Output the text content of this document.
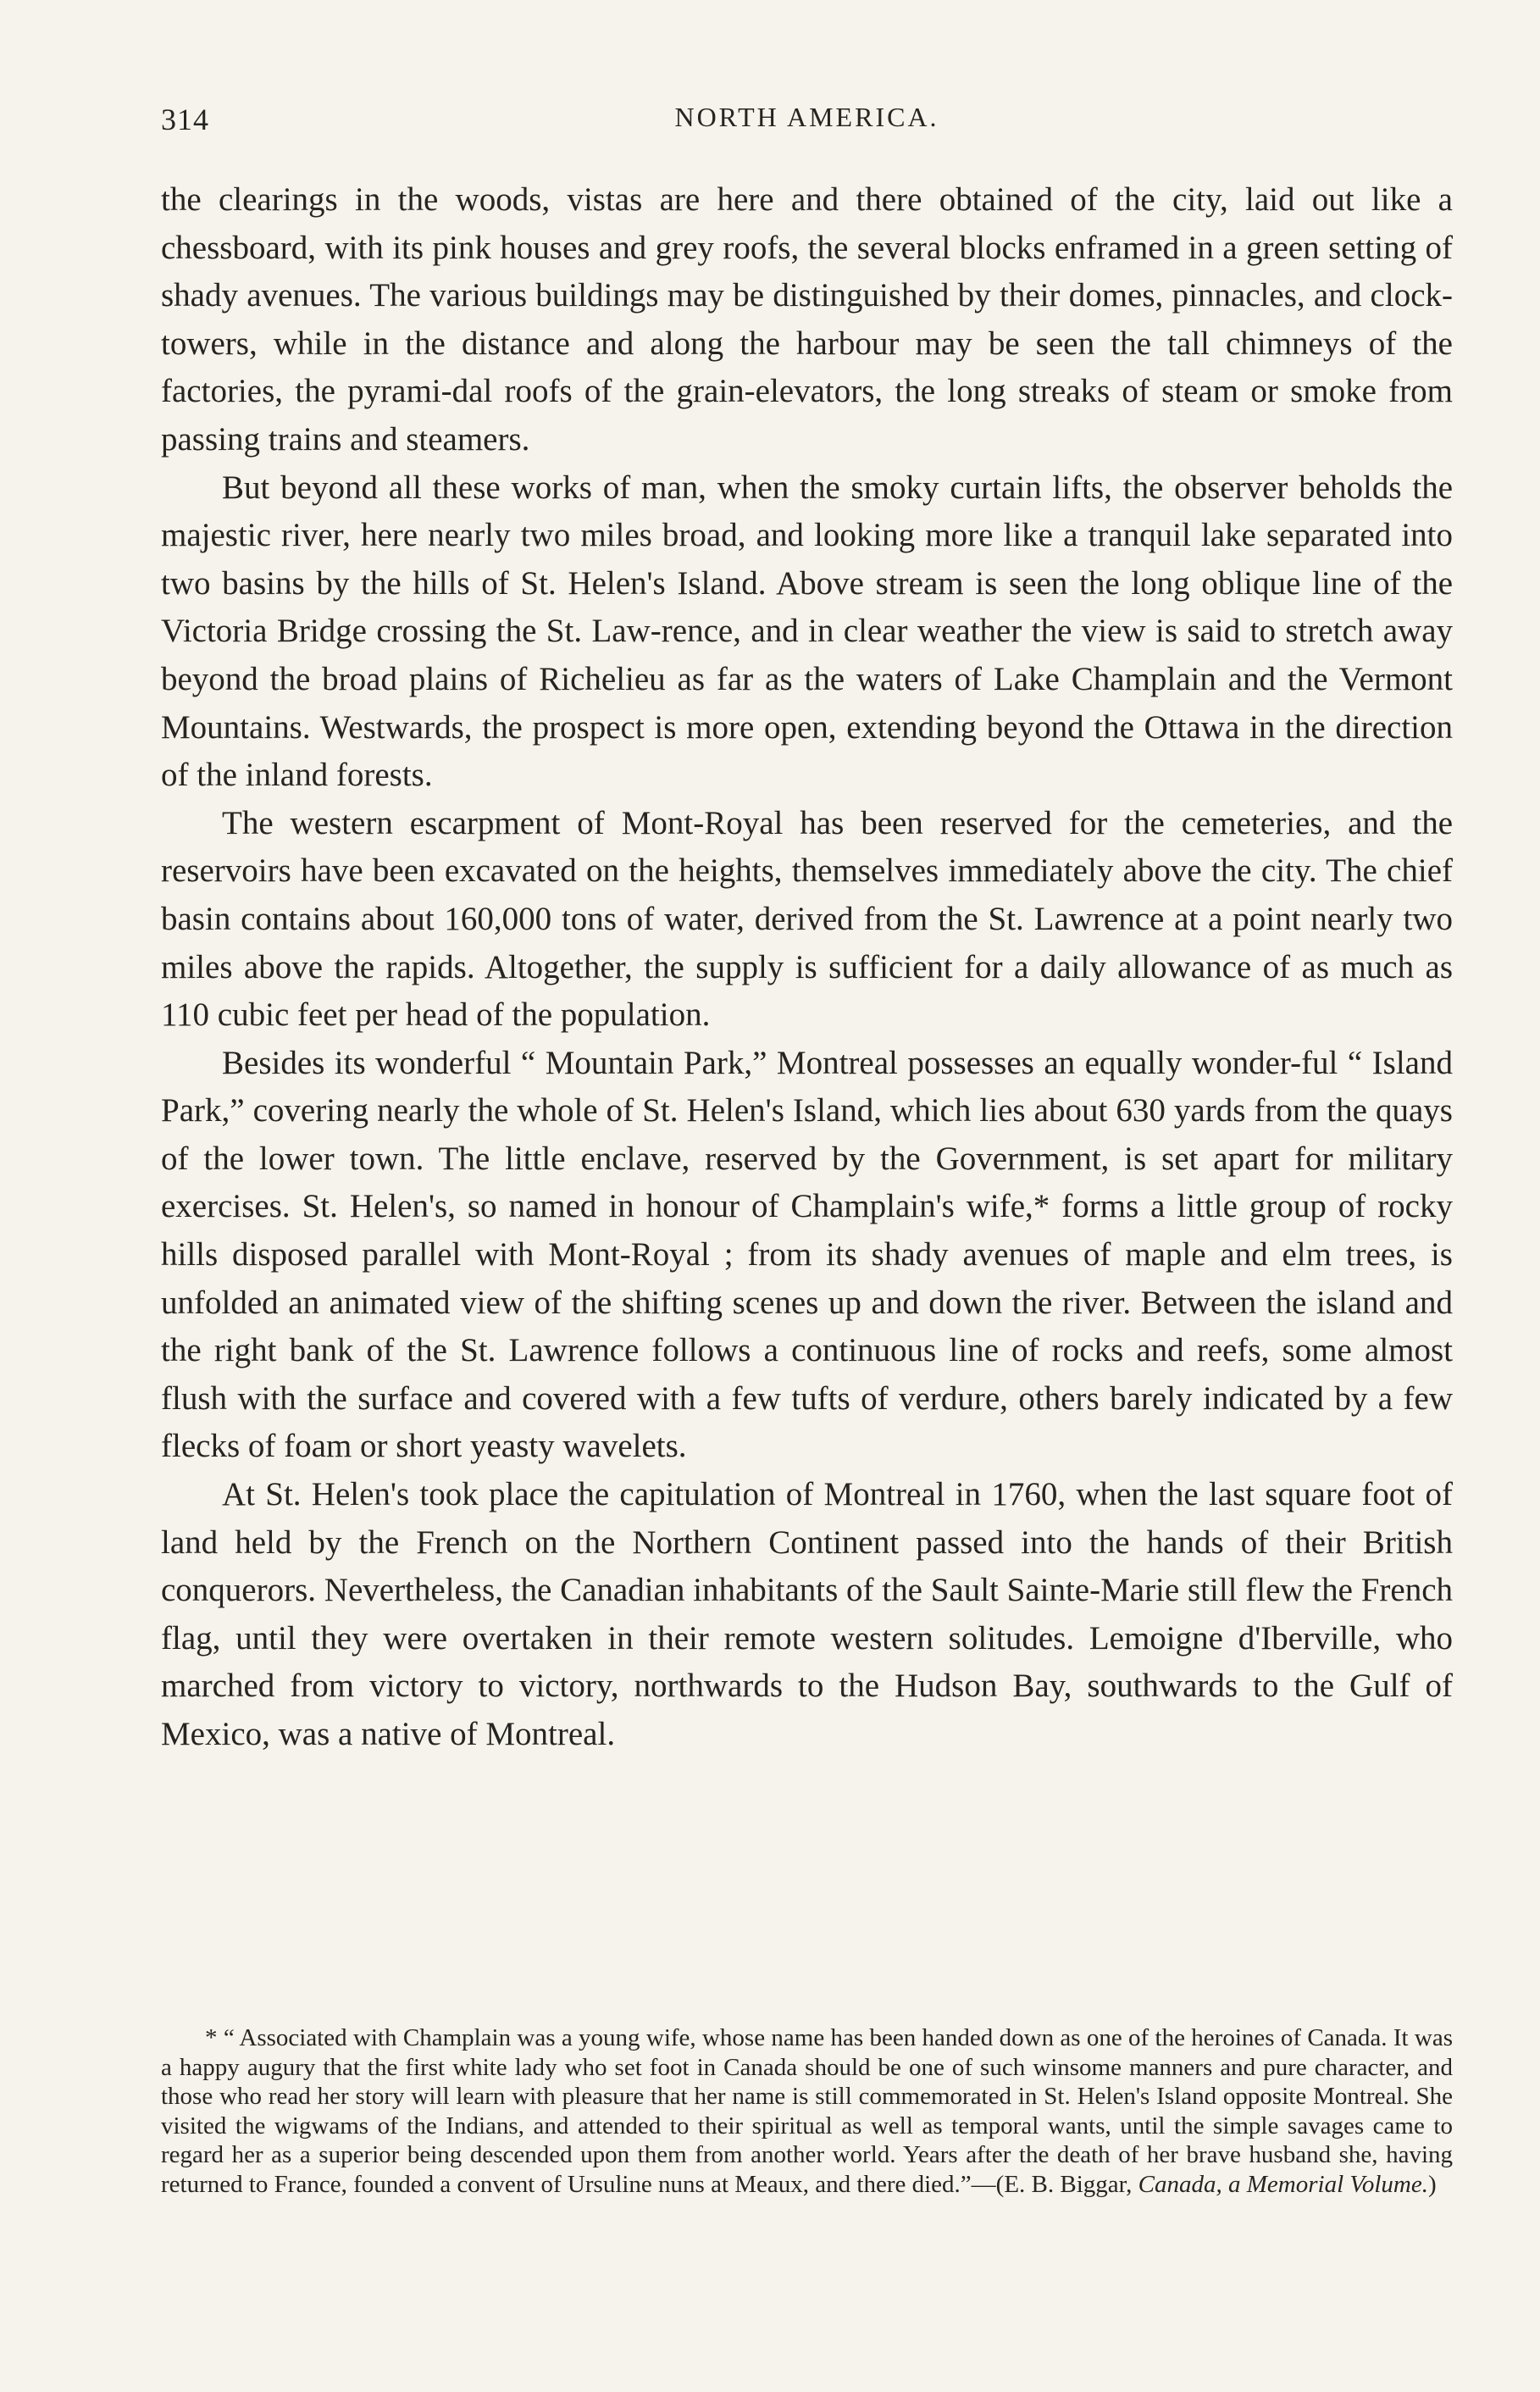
314	NORTH AMERICA.

the clearings in the woods, vistas are here and there obtained of the city, laid out like a chessboard, with its pink houses and grey roofs, the several blocks enframed in a green setting of shady avenues. The various buildings may be distinguished by their domes, pinnacles, and clock-towers, while in the distance and along the harbour may be seen the tall chimneys of the factories, the pyrami-dal roofs of the grain-elevators, the long streaks of steam or smoke from passing trains and steamers.

But beyond all these works of man, when the smoky curtain lifts, the observer beholds the majestic river, here nearly two miles broad, and looking more like a tranquil lake separated into two basins by the hills of St. Helen's Island. Above stream is seen the long oblique line of the Victoria Bridge crossing the St. Law-rence, and in clear weather the view is said to stretch away beyond the broad plains of Richelieu as far as the waters of Lake Champlain and the Vermont Mountains. Westwards, the prospect is more open, extending beyond the Ottawa in the direction of the inland forests.

The western escarpment of Mont-Royal has been reserved for the cemeteries, and the reservoirs have been excavated on the heights, themselves immediately above the city. The chief basin contains about 160,000 tons of water, derived from the St. Lawrence at a point nearly two miles above the rapids. Altogether, the supply is sufficient for a daily allowance of as much as 110 cubic feet per head of the population.

Besides its wonderful “ Mountain Park,” Montreal possesses an equally wonder-ful “ Island Park,” covering nearly the whole of St. Helen's Island, which lies about 630 yards from the quays of the lower town. The little enclave, reserved by the Government, is set apart for military exercises. St. Helen's, so named in honour of Champlain's wife,* forms a little group of rocky hills disposed parallel with Mont-Royal ; from its shady avenues of maple and elm trees, is unfolded an animated view of the shifting scenes up and down the river. Between the island and the right bank of the St. Lawrence follows a continuous line of rocks and reefs, some almost flush with the surface and covered with a few tufts of verdure, others barely indicated by a few flecks of foam or short yeasty wavelets.

At St. Helen's took place the capitulation of Montreal in 1760, when the last square foot of land held by the French on the Northern Continent passed into the hands of their British conquerors. Nevertheless, the Canadian inhabitants of the Sault Sainte-Marie still flew the French flag, until they were overtaken in their remote western solitudes. Lemoigne d'Iberville, who marched from victory to victory, northwards to the Hudson Bay, southwards to the Gulf of Mexico, was a native of Montreal.

* “ Associated with Champlain was a young wife, whose name has been handed down as one of the heroines of Canada. It was a happy augury that the first white lady who set foot in Canada should be one of such winsome manners and pure character, and those who read her story will learn with pleasure that her name is still commemorated in St. Helen's Island opposite Montreal. She visited the wigwams of the Indians, and attended to their spiritual as well as temporal wants, until the simple savages came to regard her as a superior being descended upon them from another world. Years after the death of her brave husband she, having returned to France, founded a convent of Ursuline nuns at Meaux, and there died.”—(E. B. Biggar, Canada, a Memorial Volume.)
